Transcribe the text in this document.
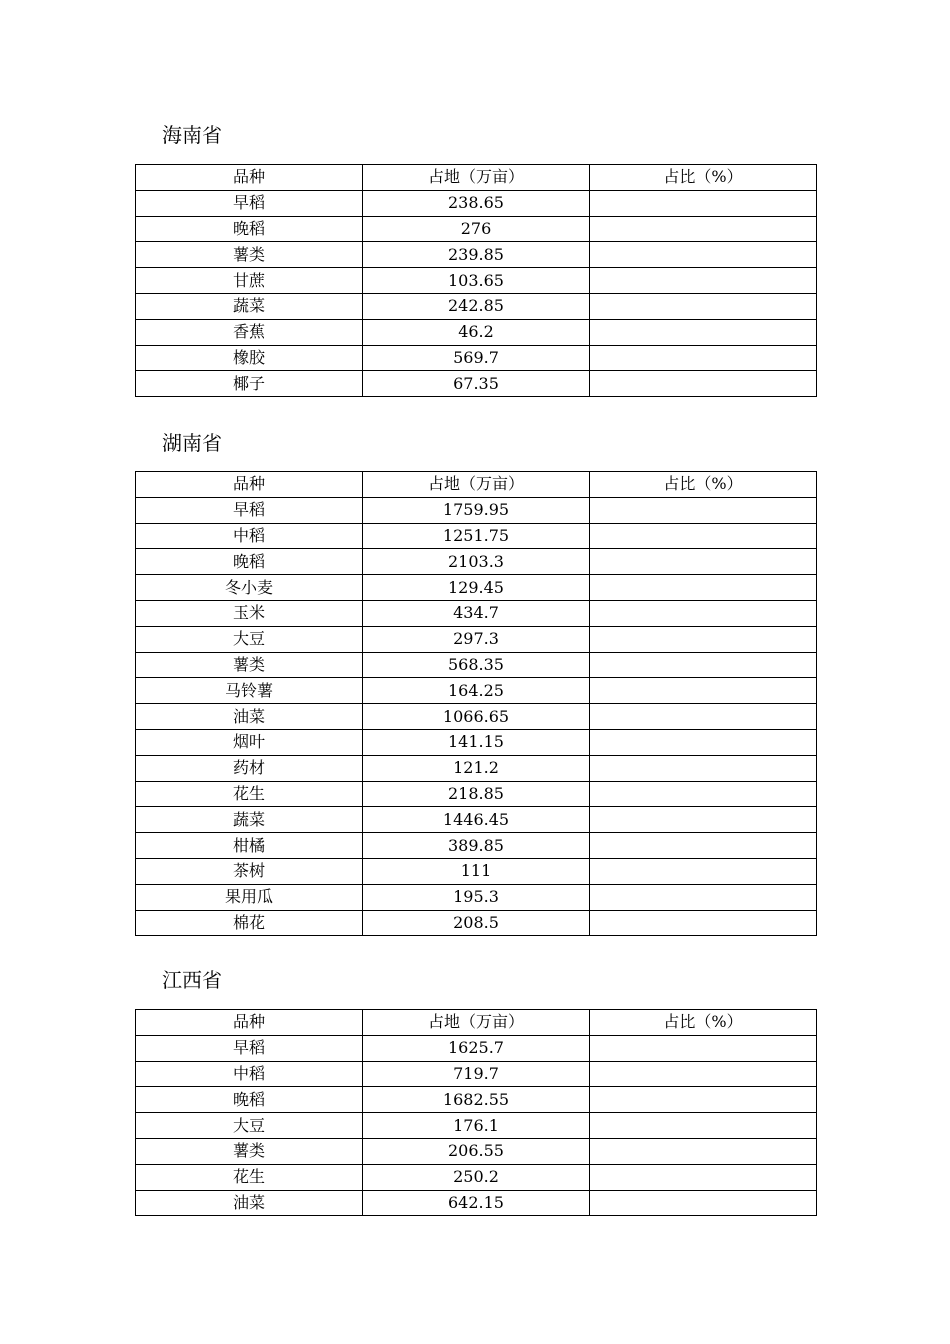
海南省
品种	占地（万亩）	占比（%）
早稻	238.65	
晚稻	276	
薯类	239.85	
甘蔗	103.65	
蔬菜	242.85	
香蕉	46.2	
橡胶	569.7	
椰子	67.35	
湖南省
品种	占地（万亩）	占比（%）
早稻	1759.95	
中稻	1251.75	
晚稻	2103.3	
冬小麦	129.45	
玉米	434.7	
大豆	297.3	
薯类	568.35	
马铃薯	164.25	
油菜	1066.65	
烟叶	141.15	
药材	121.2	
花生	218.85	
蔬菜	1446.45	
柑橘	389.85	
茶树	111	
果用瓜	195.3	
棉花	208.5	
江西省
品种	占地（万亩）	占比（%）
早稻	1625.7	
中稻	719.7	
晚稻	1682.55	
大豆	176.1	
薯类	206.55	
花生	250.2	
油菜	642.15	
